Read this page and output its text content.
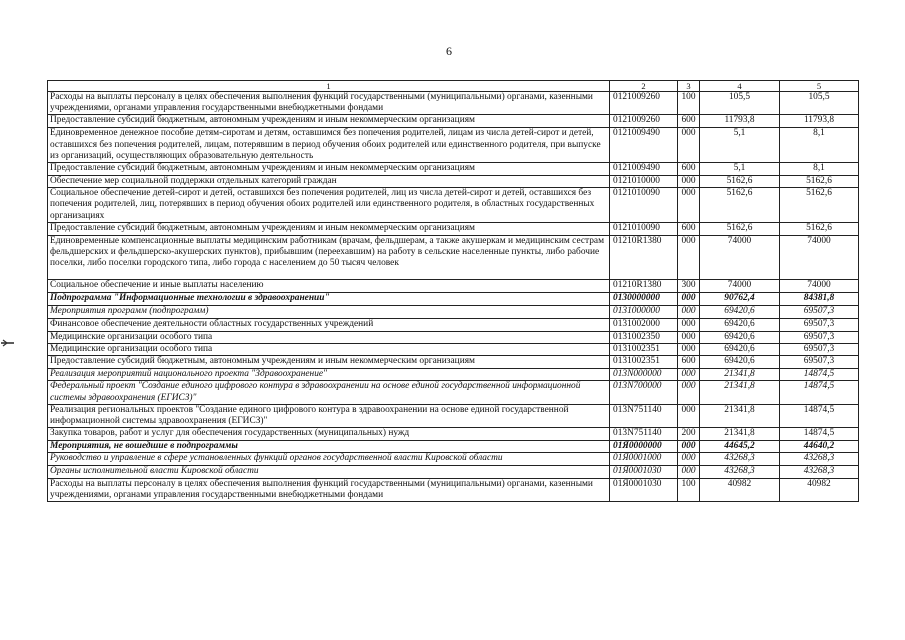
6
1	2	3	4	5
Расходы на выплаты персоналу в целях обеспечения выполнения функций государственными (муниципальными) органами, казенными учреждениями, органами управления государственными внебюджетными фондами	0121009260	100	105,5	105,5
Предоставление субсидий бюджетным, автономным учреждениям и иным некоммерческим организациям	0121009260	600	11793,8	11793,8
Единовременное денежное пособие детям-сиротам и детям, оставшимся без попечения родителей, лицам из числа детей-сирот и детей, оставшихся без попечения родителей, лицам, потерявшим в период обучения обоих родителей или единственного родителя, при выпуске из организаций, осуществляющих образовательную деятельность	0121009490	000	5,1	8,1
Предоставление субсидий бюджетным, автономным учреждениям и иным некоммерческим организациям	0121009490	600	5,1	8,1
Обеспечение мер социальной поддержки отдельных категорий граждан	0121010000	000	5162,6	5162,6
Социальное обеспечение детей-сирот и детей, оставшихся без попечения родителей, лиц из числа детей-сирот и детей, оставшихся без попечения родителей, лиц, потерявших в период обучения обоих родителей или единственного родителя, в областных государственных организациях	0121010090	000	5162,6	5162,6
Предоставление субсидий бюджетным, автономным учреждениям и иным некоммерческим организациям	0121010090	600	5162,6	5162,6
Единовременные компенсационные выплаты медицинским работникам (врачам, фельдшерам, а также акушеркам и медицинским сестрам фельдшерских и фельдшерско-акушерских пунктов), прибывшим (переехавшим) на работу в сельские населенные пункты, либо рабочие поселки, либо поселки городского типа, либо города с населением до 50 тысяч человек	01210R1380	000	74000	74000
Социальное обеспечение и иные выплаты населению	01210R1380	300	74000	74000
Подпрограмма "Информационные технологии в здравоохранении"	0130000000	000	90762,4	84381,8
Мероприятия программ (подпрограмм)	0131000000	000	69420,6	69507,3
Финансовое обеспечение деятельности областных государственных учреждений	0131002000	000	69420,6	69507,3
Медицинские организации особого типа	0131002350	000	69420,6	69507,3
Медицинские организации особого типа	0131002351	000	69420,6	69507,3
Предоставление субсидий бюджетным, автономным учреждениям и иным некоммерческим организациям	0131002351	600	69420,6	69507,3
Реализация мероприятий национального проекта "Здравоохранение"	013N000000	000	21341,8	14874,5
Федеральный проект "Создание единого цифрового контура в здравоохранении на основе единой государственной информационной системы здравоохранения (ЕГИСЗ)"	013N700000	000	21341,8	14874,5
Реализация региональных проектов "Создание единого цифрового контура в здравоохранении на основе единой государственной информационной системы здравоохранения (ЕГИСЗ)"	013N751140	000	21341,8	14874,5
Закупка товаров, работ и услуг для обеспечения государственных (муниципальных) нужд	013N751140	200	21341,8	14874,5
Мероприятия, не вошедшие в подпрограммы	01Я0000000	000	44645,2	44640,2
Руководство и управление в сфере установленных функций органов государственной власти Кировской области	01Я0001000	000	43268,3	43268,3
Органы исполнительной власти Кировской области	01Я0001030	000	43268,3	43268,3
Расходы на выплаты персоналу в целях обеспечения выполнения функций государственными (муниципальными) органами, казенными учреждениями, органами управления государственными внебюджетными фондами	01Я0001030	100	40982	40982
